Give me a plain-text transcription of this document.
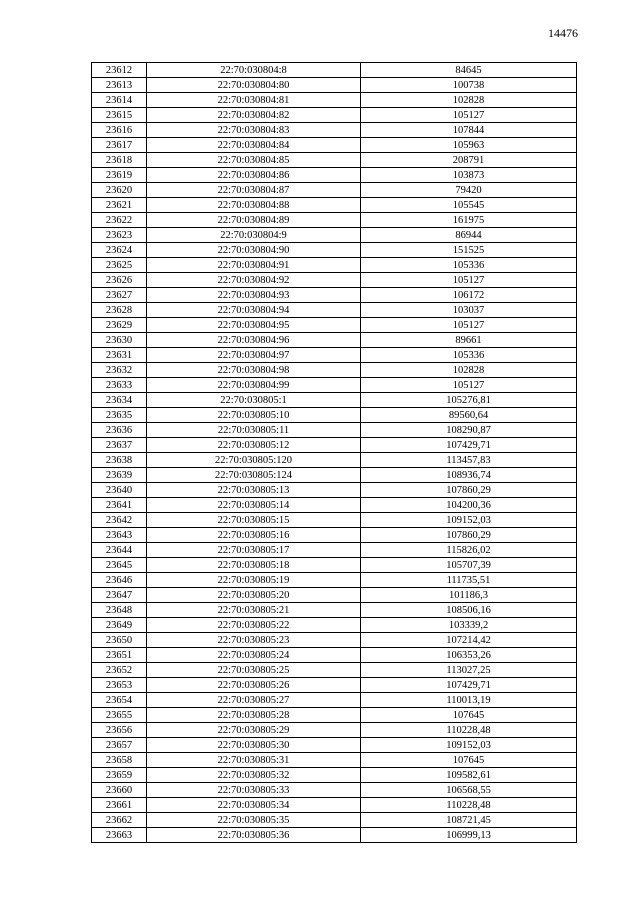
14476
23612	22:70:030804:8	84645
23613	22:70:030804:80	100738
23614	22:70:030804:81	102828
23615	22:70:030804:82	105127
23616	22:70:030804:83	107844
23617	22:70:030804:84	105963
23618	22:70:030804:85	208791
23619	22:70:030804:86	103873
23620	22:70:030804:87	79420
23621	22:70:030804:88	105545
23622	22:70:030804:89	161975
23623	22:70:030804:9	86944
23624	22:70:030804:90	151525
23625	22:70:030804:91	105336
23626	22:70:030804:92	105127
23627	22:70:030804:93	106172
23628	22:70:030804:94	103037
23629	22:70:030804:95	105127
23630	22:70:030804:96	89661
23631	22:70:030804:97	105336
23632	22:70:030804:98	102828
23633	22:70:030804:99	105127
23634	22:70:030805:1	105276,81
23635	22:70:030805:10	89560,64
23636	22:70:030805:11	108290,87
23637	22:70:030805:12	107429,71
23638	22:70:030805:120	113457,83
23639	22:70:030805:124	108936,74
23640	22:70:030805:13	107860,29
23641	22:70:030805:14	104200,36
23642	22:70:030805:15	109152,03
23643	22:70:030805:16	107860,29
23644	22:70:030805:17	115826,02
23645	22:70:030805:18	105707,39
23646	22:70:030805:19	111735,51
23647	22:70:030805:20	101186,3
23648	22:70:030805:21	108506,16
23649	22:70:030805:22	103339,2
23650	22:70:030805:23	107214,42
23651	22:70:030805:24	106353,26
23652	22:70:030805:25	113027,25
23653	22:70:030805:26	107429,71
23654	22:70:030805:27	110013,19
23655	22:70:030805:28	107645
23656	22:70:030805:29	110228,48
23657	22:70:030805:30	109152,03
23658	22:70:030805:31	107645
23659	22:70:030805:32	109582,61
23660	22:70:030805:33	106568,55
23661	22:70:030805:34	110228,48
23662	22:70:030805:35	108721,45
23663	22:70:030805:36	106999,13
